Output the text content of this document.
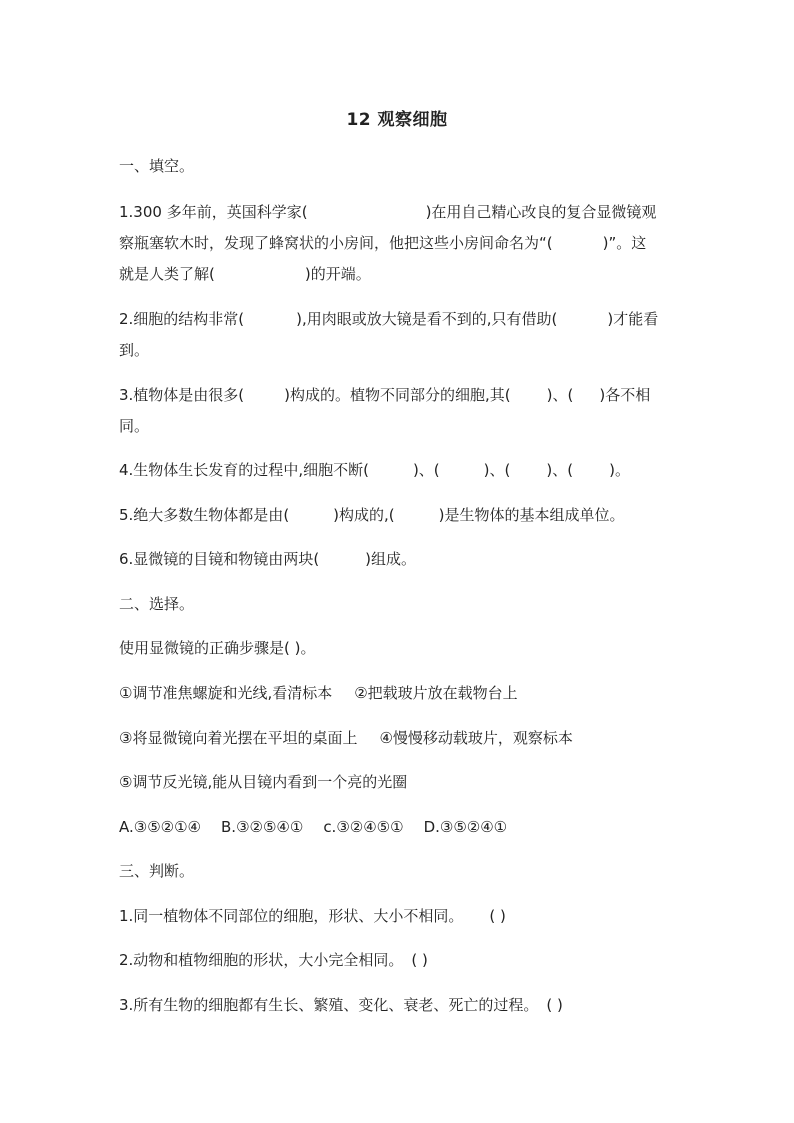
12 观察细胞
一、填空。
1.300 多年前，英国科学家(	)在用自己精心改良的复合显微镜观
察瓶塞软木时，发现了蜂窝状的小房间，他把这些小房间命名为“(	)”。这
就是人类了解(	)的开端。
2.细胞的结构非常(	),用肉眼或放大镜是看不到的,只有借助(	)才能看
到。
3.植物体是由很多(	)构成的。植物不同部分的细胞,其( )、( )各不相
同。
4.生物体生长发育的过程中,细胞不断(	)、(	)、( )、( )。
5.绝大多数生物体都是由(	)构成的,(	)是生物体的基本组成单位。
6.显微镜的目镜和物镜由两块(	)组成。
二、选择。
使用显微镜的正确步骤是( )。
①调节准焦螺旋和光线,看清标本 ②把载玻片放在载物台上
③将显微镜向着光摆在平坦的桌面上 ④慢慢移动载玻片，观察标本
⑤调节反光镜,能从目镜内看到一个亮的光圈
A.③⑤②①④ B.③②⑤④① c.③②④⑤① D.③⑤②④①
三、判断。
1.同一植物体不同部位的细胞，形状、大小不相同。 ( )
2.动物和植物细胞的形状，大小完全相同。 ( )
3.所有生物的细胞都有生长、繁殖、变化、衰老、死亡的过程。 ( )
